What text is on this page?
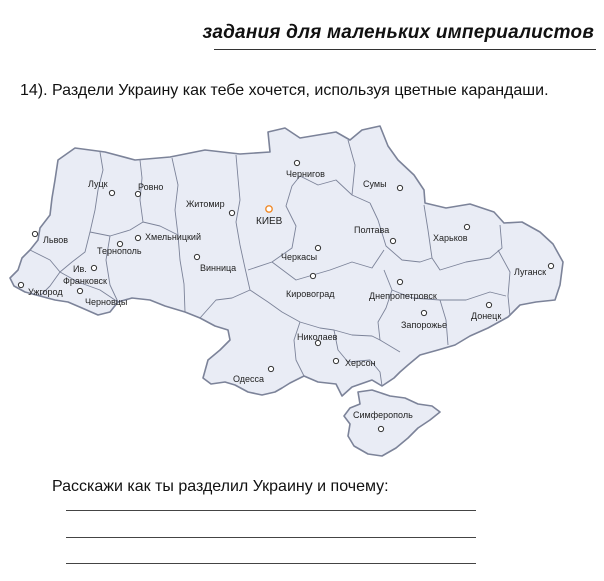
задания для маленьких империалистов
14). Раздели Украину как тебе хочется, используя цветные карандаши.
Луцк	Ровно
Житомир
КИЕВ
Чернигов
Сумы
Львов	Хмельницкий
Тернополь
Винница
Полтава
Харьков
Черкасы
Ив.
Франковск
Ужгород
Черновцы
Кировоград	Днепропетровск
Луганск
Запорожье
Донецк
Николаев
Херсон
Одесса
Симферополь
Расскажи как ты разделил Украину и почему:
